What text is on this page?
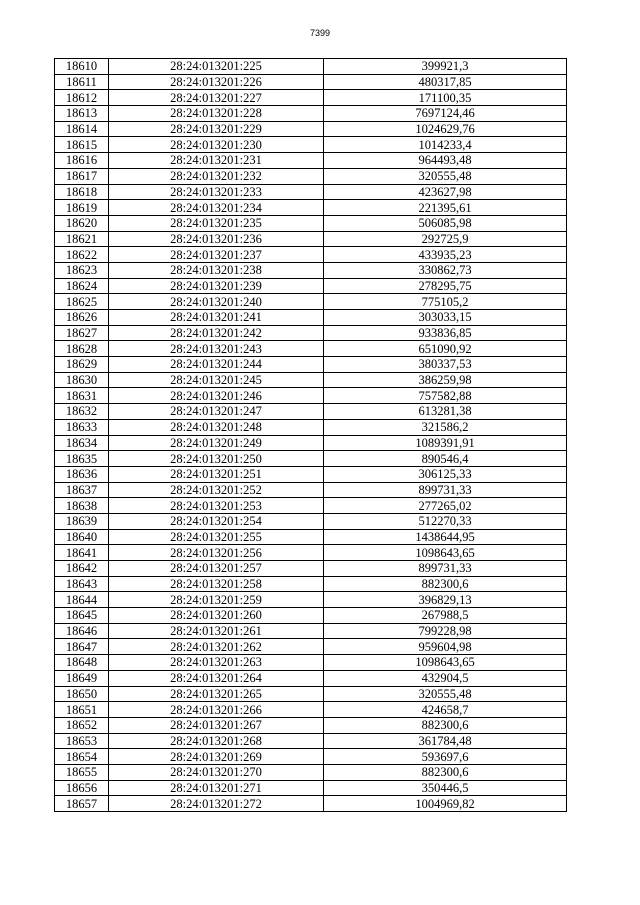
7399
18610	28:24:013201:225	399921,3
18611	28:24:013201:226	480317,85
18612	28:24:013201:227	171100,35
18613	28:24:013201:228	7697124,46
18614	28:24:013201:229	1024629,76
18615	28:24:013201:230	1014233,4
18616	28:24:013201:231	964493,48
18617	28:24:013201:232	320555,48
18618	28:24:013201:233	423627,98
18619	28:24:013201:234	221395,61
18620	28:24:013201:235	506085,98
18621	28:24:013201:236	292725,9
18622	28:24:013201:237	433935,23
18623	28:24:013201:238	330862,73
18624	28:24:013201:239	278295,75
18625	28:24:013201:240	775105,2
18626	28:24:013201:241	303033,15
18627	28:24:013201:242	933836,85
18628	28:24:013201:243	651090,92
18629	28:24:013201:244	380337,53
18630	28:24:013201:245	386259,98
18631	28:24:013201:246	757582,88
18632	28:24:013201:247	613281,38
18633	28:24:013201:248	321586,2
18634	28:24:013201:249	1089391,91
18635	28:24:013201:250	890546,4
18636	28:24:013201:251	306125,33
18637	28:24:013201:252	899731,33
18638	28:24:013201:253	277265,02
18639	28:24:013201:254	512270,33
18640	28:24:013201:255	1438644,95
18641	28:24:013201:256	1098643,65
18642	28:24:013201:257	899731,33
18643	28:24:013201:258	882300,6
18644	28:24:013201:259	396829,13
18645	28:24:013201:260	267988,5
18646	28:24:013201:261	799228,98
18647	28:24:013201:262	959604,98
18648	28:24:013201:263	1098643,65
18649	28:24:013201:264	432904,5
18650	28:24:013201:265	320555,48
18651	28:24:013201:266	424658,7
18652	28:24:013201:267	882300,6
18653	28:24:013201:268	361784,48
18654	28:24:013201:269	593697,6
18655	28:24:013201:270	882300,6
18656	28:24:013201:271	350446,5
18657	28:24:013201:272	1004969,82
